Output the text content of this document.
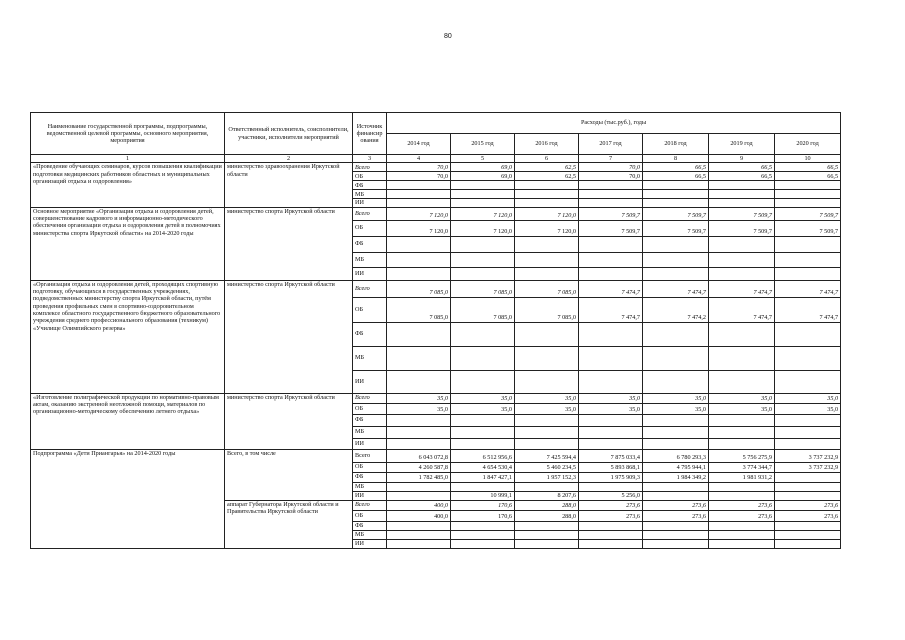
80
Наименование государственной программы, подпрограммы, ведомственной целевой программы, основного мероприятия, мероприятия	Ответственный исполнитель, соисполнители, участники, исполнители мероприятий	Источник финансир ования	Расходы (тыс.руб.), годы						
			2014 год	2015 год	2016 год	2017 год	2018 год	2019 год	2020 год
1	2	3	4	5	6	7	8	9	10
«Проведение обучающих семинаров, курсов повышения квалификации подготовки медицинских работников областных и муниципальных организаций отдыха и оздоровления»	министерство здравоохранения Иркутской области	Всего	70,0	69,0	62,5	70,0	66,5	66,5	66,5
		ОБ	70,0	69,0	62,5	70,0	66,5	66,5	66,5
		ФБ							
		МБ							
		ИИ							
Основное мероприятие «Организация отдыха и оздоровления детей, совершенствование кадрового и информационно-методического обеспечения организации отдыха и оздоровления детей в полномочиях министерства спорта Иркутской области» на 2014-2020 годы	министерство спорта Иркутской области	Всего	7 120,0	7 120,0	7 120,0	7 509,7	7 509,7	7 509,7	7 509,7
		ОБ	7 120,0	7 120,0	7 120,0	7 509,7	7 509,7	7 509,7	7 509,7
		ФБ							
		МБ							
		ИИ							
«Организация отдыха и оздоровления детей, проходящих спортивную подготовку, обучающихся в государственных учреждениях, подведомственных министерству спорта Иркутской области, путём проведения профильных смен в спортивно-оздоровительном комплексе областного государственного бюджетного образовательного учреждения среднего профессионального образования (техникум) «Училище Олимпийского резерва»	министерство спорта Иркутской области	Всего	7 085,0	7 085,0	7 085,0	7 474,7	7 474,7	7 474,7	7 474,7
		ОБ	7 085,0	7 085,0	7 085,0	7 474,7	7 474,2	7 474,7	7 474,7
		ФБ							
		МБ							
		ИИ							
«Изготовление полиграфической продукции по нормативно-правовым актам, оказанию экстренной неотложной помощи, материалов по организационно-методическому обеспечению летнего отдыха»	министерство спорта Иркутской области	Всего	35,0	35,0	35,0	35,0	35,0	35,0	35,0
		ОБ	35,0	35,0	35,0	35,0	35,0	35,0	35,0
		ФБ							
		МБ							
		ИИ							
Подпрограмма «Дети Приангарья» на 2014-2020 годы	Всего, в том числе	Всего	6 043 072,8	6 512 956,6	7 425 594,4	7 875 033,4	6 780 293,3	5 756 275,9	3 737 232,9
		ОБ	4 260 587,8	4 654 530,4	5 460 234,5	5 893 868,1	4 795 944,1	3 774 344,7	3 737 232,9
		ФБ	1 782 485,0	1 847 427,1	1 957 152,3	1 975 909,3	1 984 349,2	1 981 931,2	
		МБ							
		ИИ		10 999,1	8 207,6	5 256,0			
	аппарат Губернатора Иркутской области и Правительства Иркутской области	Всего	400,0	170,6	288,0	273,6	273,6	273,6	273,6
		ОБ	400,0	170,6	288,0	273,6	273,6	273,6	273,6
		ФБ							
		МБ							
		ИИ							
